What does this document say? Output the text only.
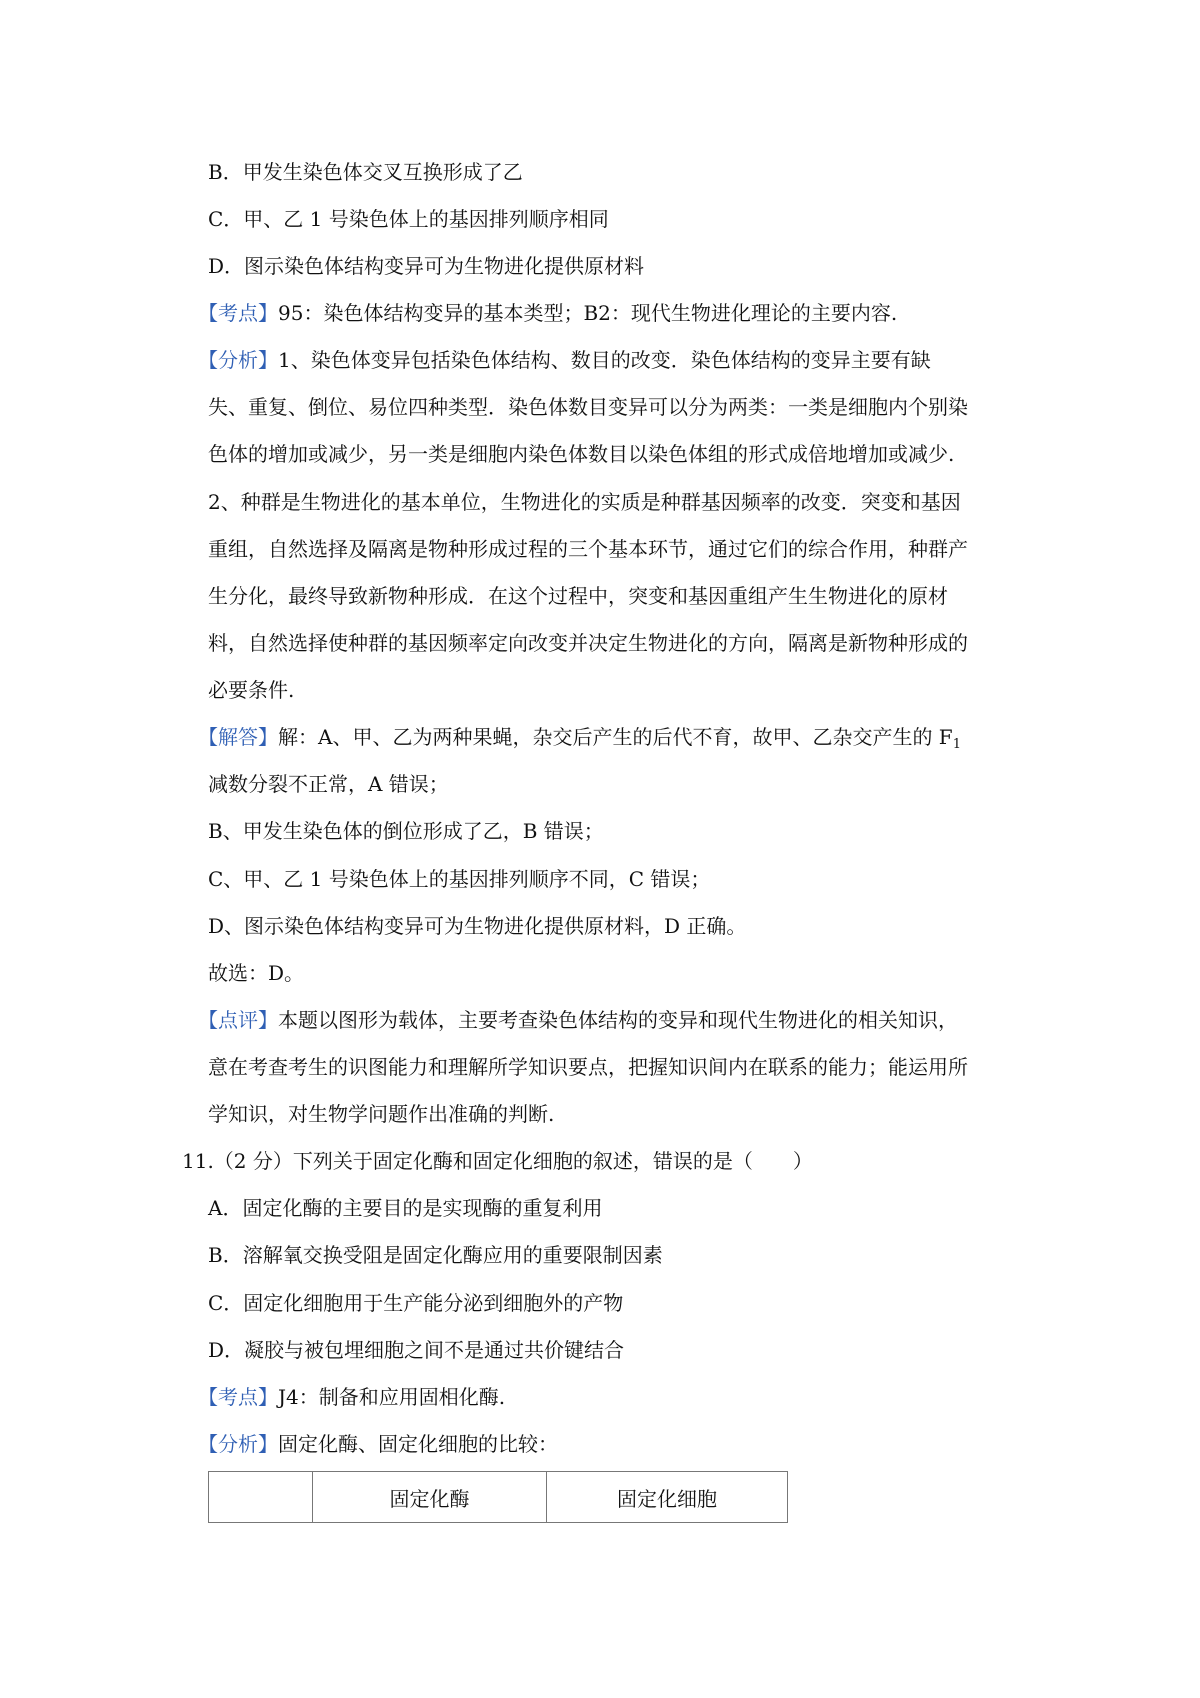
B．甲发生染色体交叉互换形成了乙
C．甲、乙 1 号染色体上的基因排列顺序相同
D．图示染色体结构变异可为生物进化提供原材料
【考点】95：染色体结构变异的基本类型；B2：现代生物进化理论的主要内容.
【分析】1、染色体变异包括染色体结构、数目的改变．染色体结构的变异主要有缺
失、重复、倒位、易位四种类型．染色体数目变异可以分为两类：一类是细胞内个别染
色体的增加或减少，另一类是细胞内染色体数目以染色体组的形式成倍地增加或减少.
2、种群是生物进化的基本单位，生物进化的实质是种群基因频率的改变．突变和基因
重组，自然选择及隔离是物种形成过程的三个基本环节，通过它们的综合作用，种群产
生分化，最终导致新物种形成．在这个过程中，突变和基因重组产生生物进化的原材
料，自然选择使种群的基因频率定向改变并决定生物进化的方向，隔离是新物种形成的
必要条件.
【解答】解：A、甲、乙为两种果蝇，杂交后产生的后代不育，故甲、乙杂交产生的 $F_1$
减数分裂不正常，A 错误；
B、甲发生染色体的倒位形成了乙，B 错误；
C、甲、乙 1 号染色体上的基因排列顺序不同，C 错误；
D、图示染色体结构变异可为生物进化提供原材料，D 正确。
故选：D。
【点评】本题以图形为载体，主要考查染色体结构的变异和现代生物进化的相关知识，
意在考查考生的识图能力和理解所学知识要点，把握知识间内在联系的能力；能运用所
学知识，对生物学问题作出准确的判断.
11.（2 分）下列关于固定化酶和固定化细胞的叙述，错误的是（　　）
A．固定化酶的主要目的是实现酶的重复利用
B．溶解氧交换受阻是固定化酶应用的重要限制因素
C．固定化细胞用于生产能分泌到细胞外的产物
D．凝胶与被包埋细胞之间不是通过共价键结合
【考点】J4：制备和应用固相化酶.
【分析】固定化酶、固定化细胞的比较：
	固定化酶	固定化细胞
